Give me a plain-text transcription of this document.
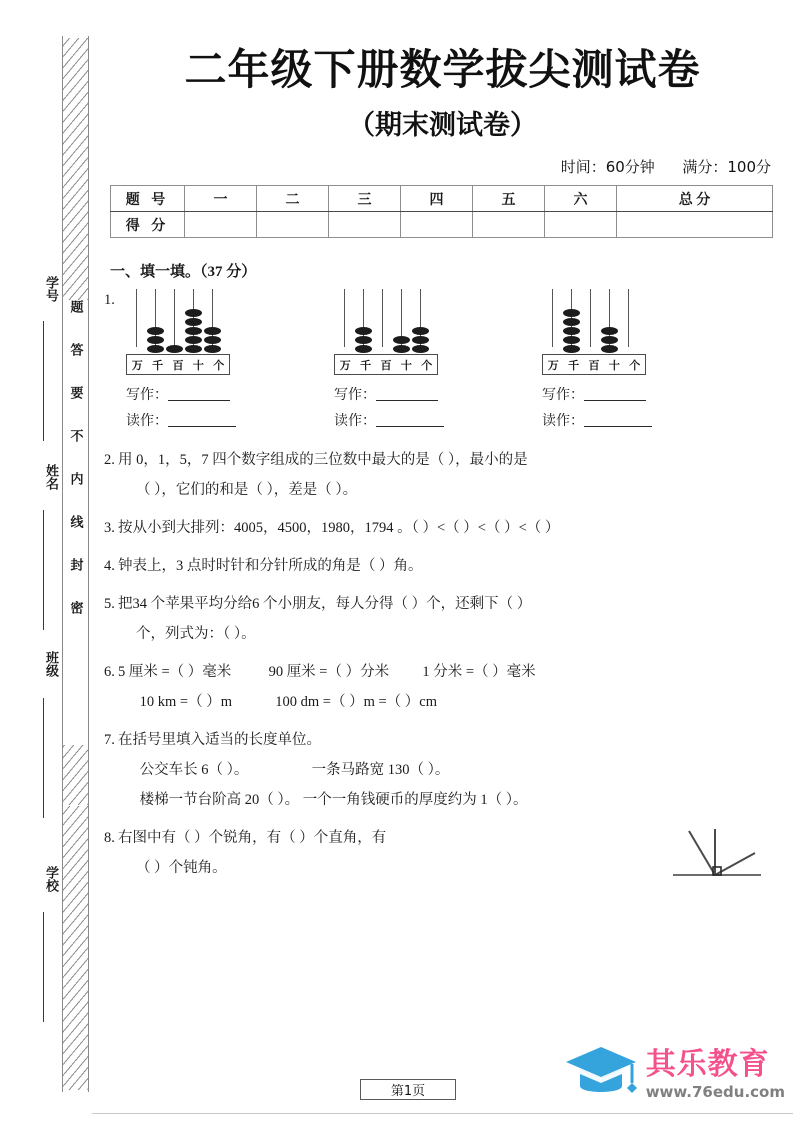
题
答
要
不
内
线
封
密
学号
姓名
班级
学校
二年级下册数学拔尖测试卷
（期末测试卷）
时间：60分钟 满分：100分
题 号	一	二	三	四	五	六	总 分
得 分							
一、填一填。（37 分）
1.
万 千 百 十 个	万 千 百 十 个	万 千 百 十 个
写作：
读作：
写作：
读作：
写作：
读作：
2. 用 0，1，5，7 四个数字组成的三位数中最大的是（ ），最小的是
（ ），它们的和是（ ），差是（ ）。
3. 按从小到大排列：4005，4500，1980，1794 。（ ）<（ ）<（ ）<（ ）
4. 钟表上，3 点时时针和分针所成的角是（ ）角。
5. 把34 个苹果平均分给6 个小朋友，每人分得（ ）个，还剩下（ ）
个，列式为：（ ）。
6. 5 厘米 =（ ）毫米	90 厘米 =（ ）分米 1 分米 =（ ）毫米
10 km =（ ）m	100 dm =（ ）m =（ ）cm
7. 在括号里填入适当的长度单位。
公交车长 6（ ）。	一条马路宽 130（ ）。
楼梯一节台阶高 20（ ）。 一个一角钱硬币的厚度约为 1（ ）。
8. 右图中有（ ）个锐角，有（ ）个直角，有
（ ）个钝角。
第1页
其乐教育
www.76edu.com
